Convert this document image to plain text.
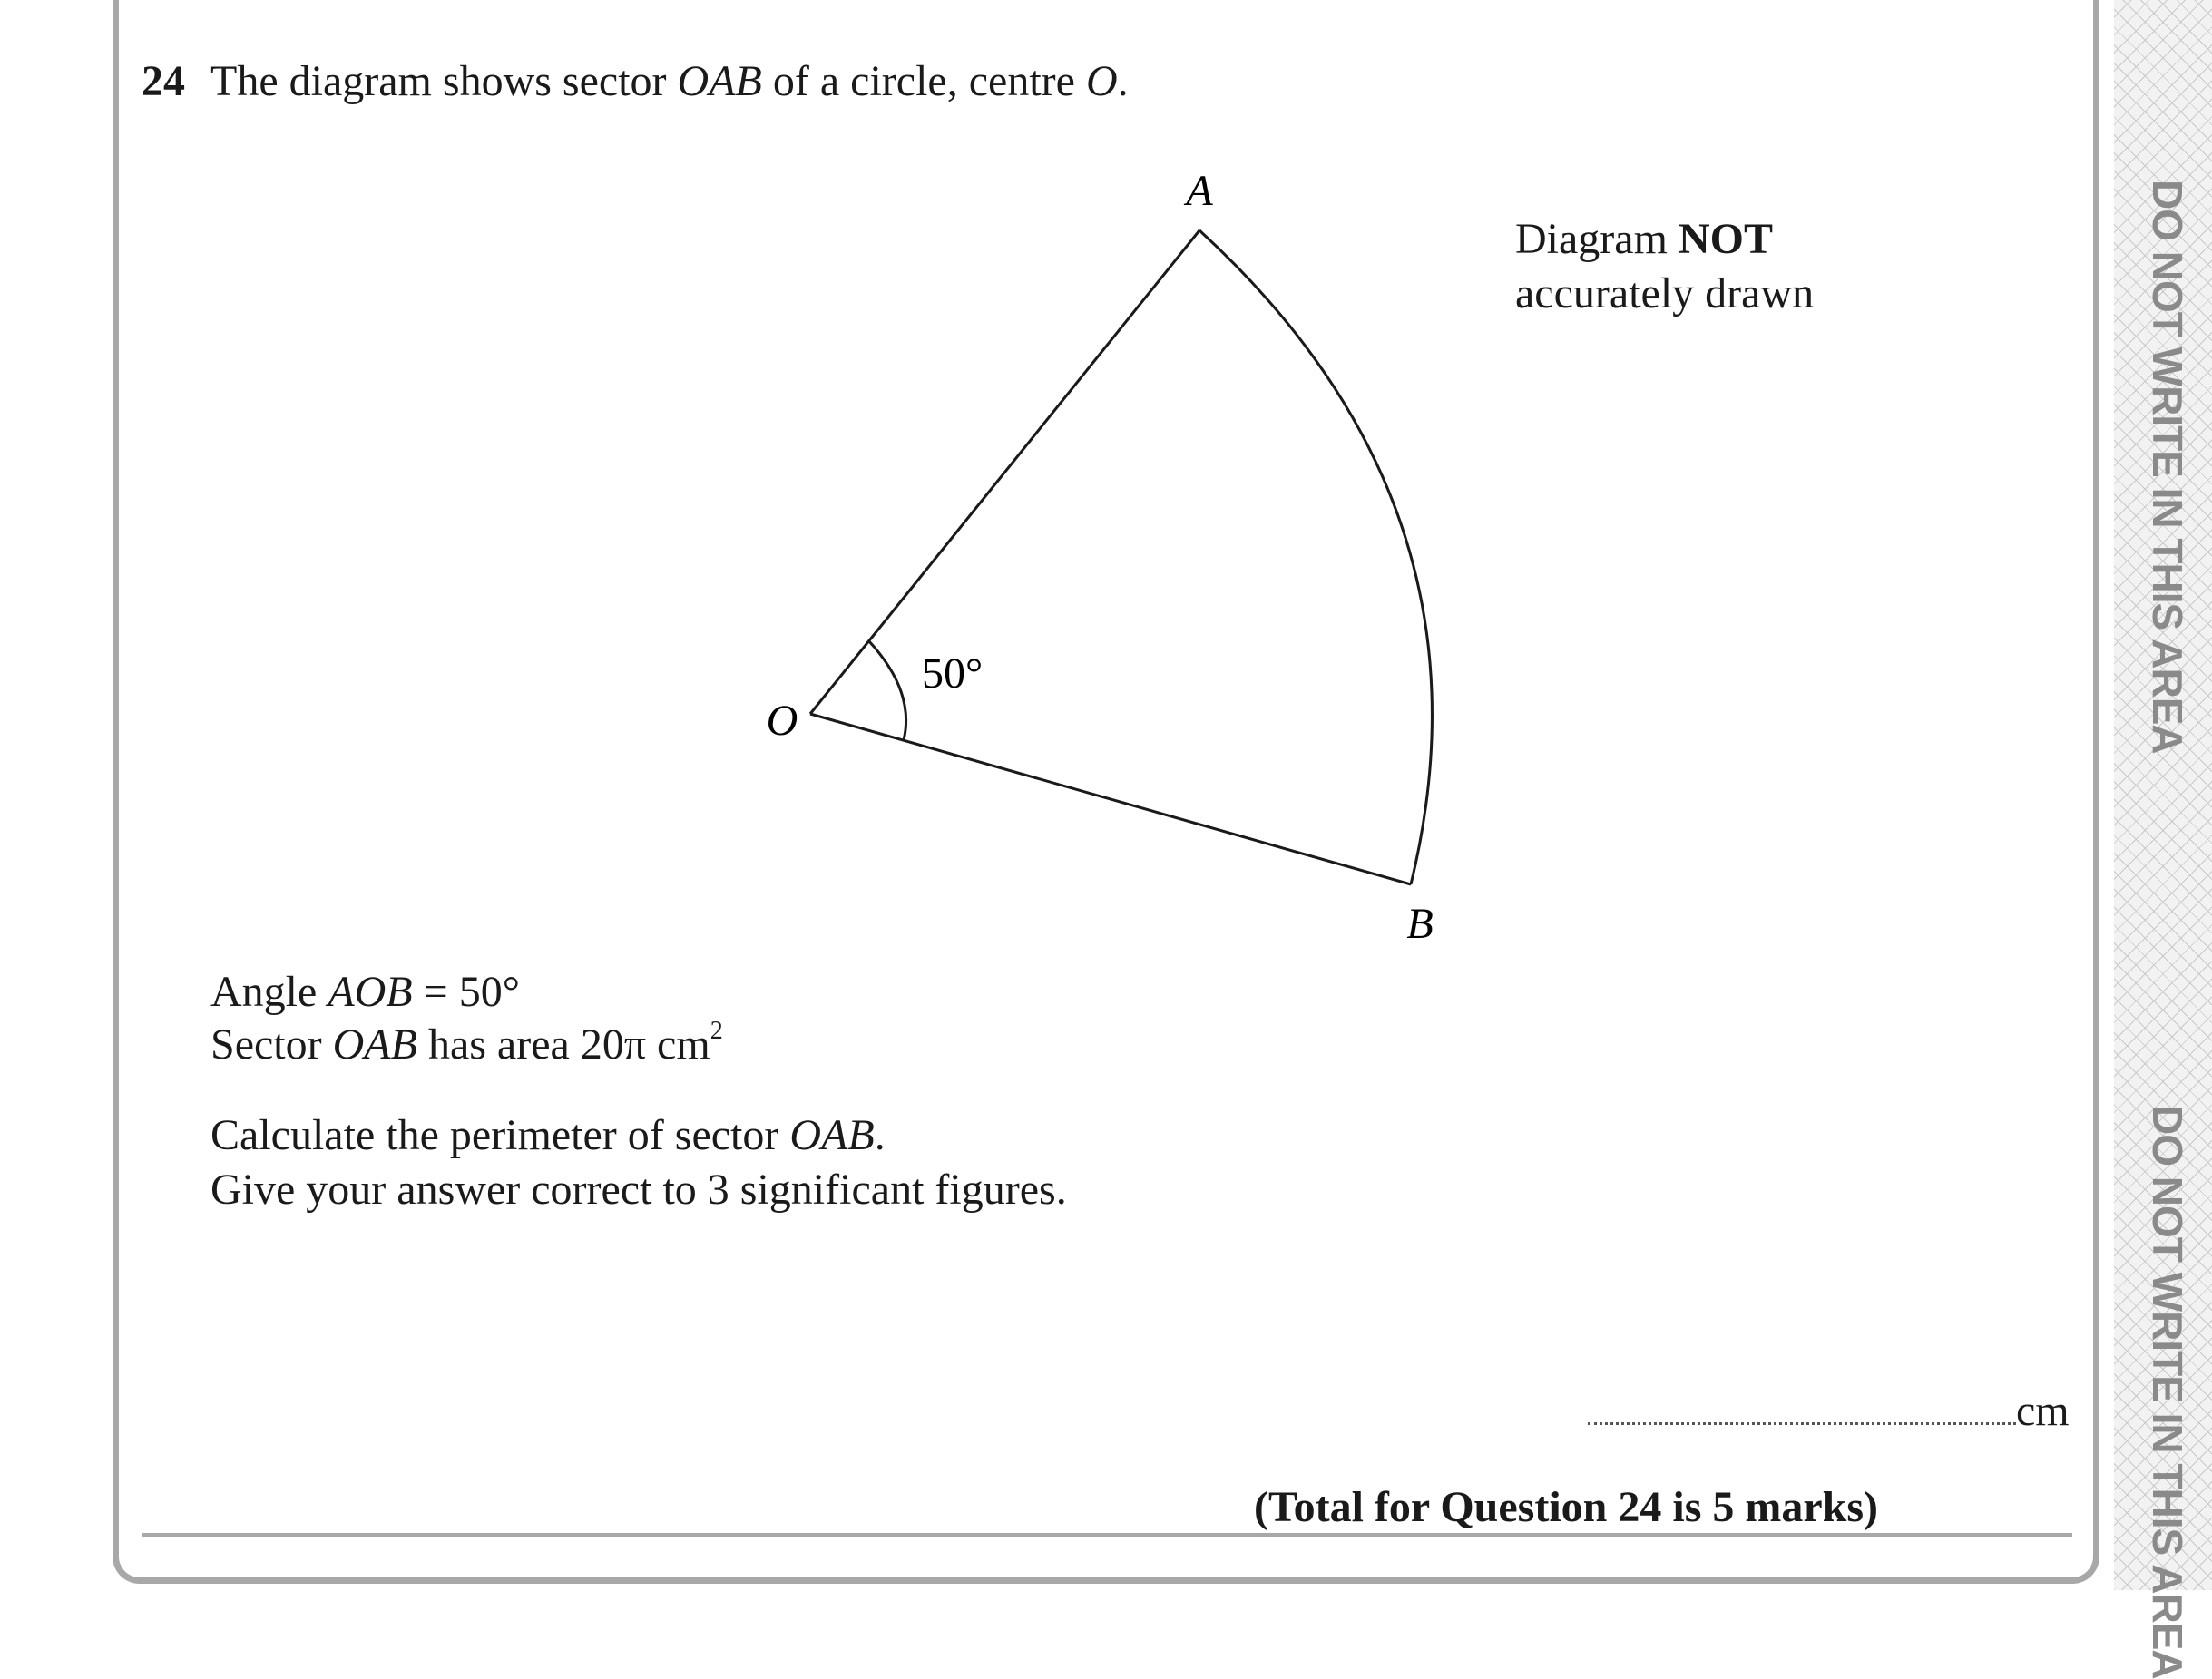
DO NOT WRITE IN THIS AREA
DO NOT WRITE IN THIS AREA
24 The diagram shows sector OAB of a circle, centre O.
Diagram NOT
accurately drawn
A
B
O
50°
Angle AOB = 50°
Sector OAB has area 20π $cm^2$
Calculate the perimeter of sector OAB.
Give your answer correct to 3 significant figures.
cm
(Total for Question 24 is 5 marks)
